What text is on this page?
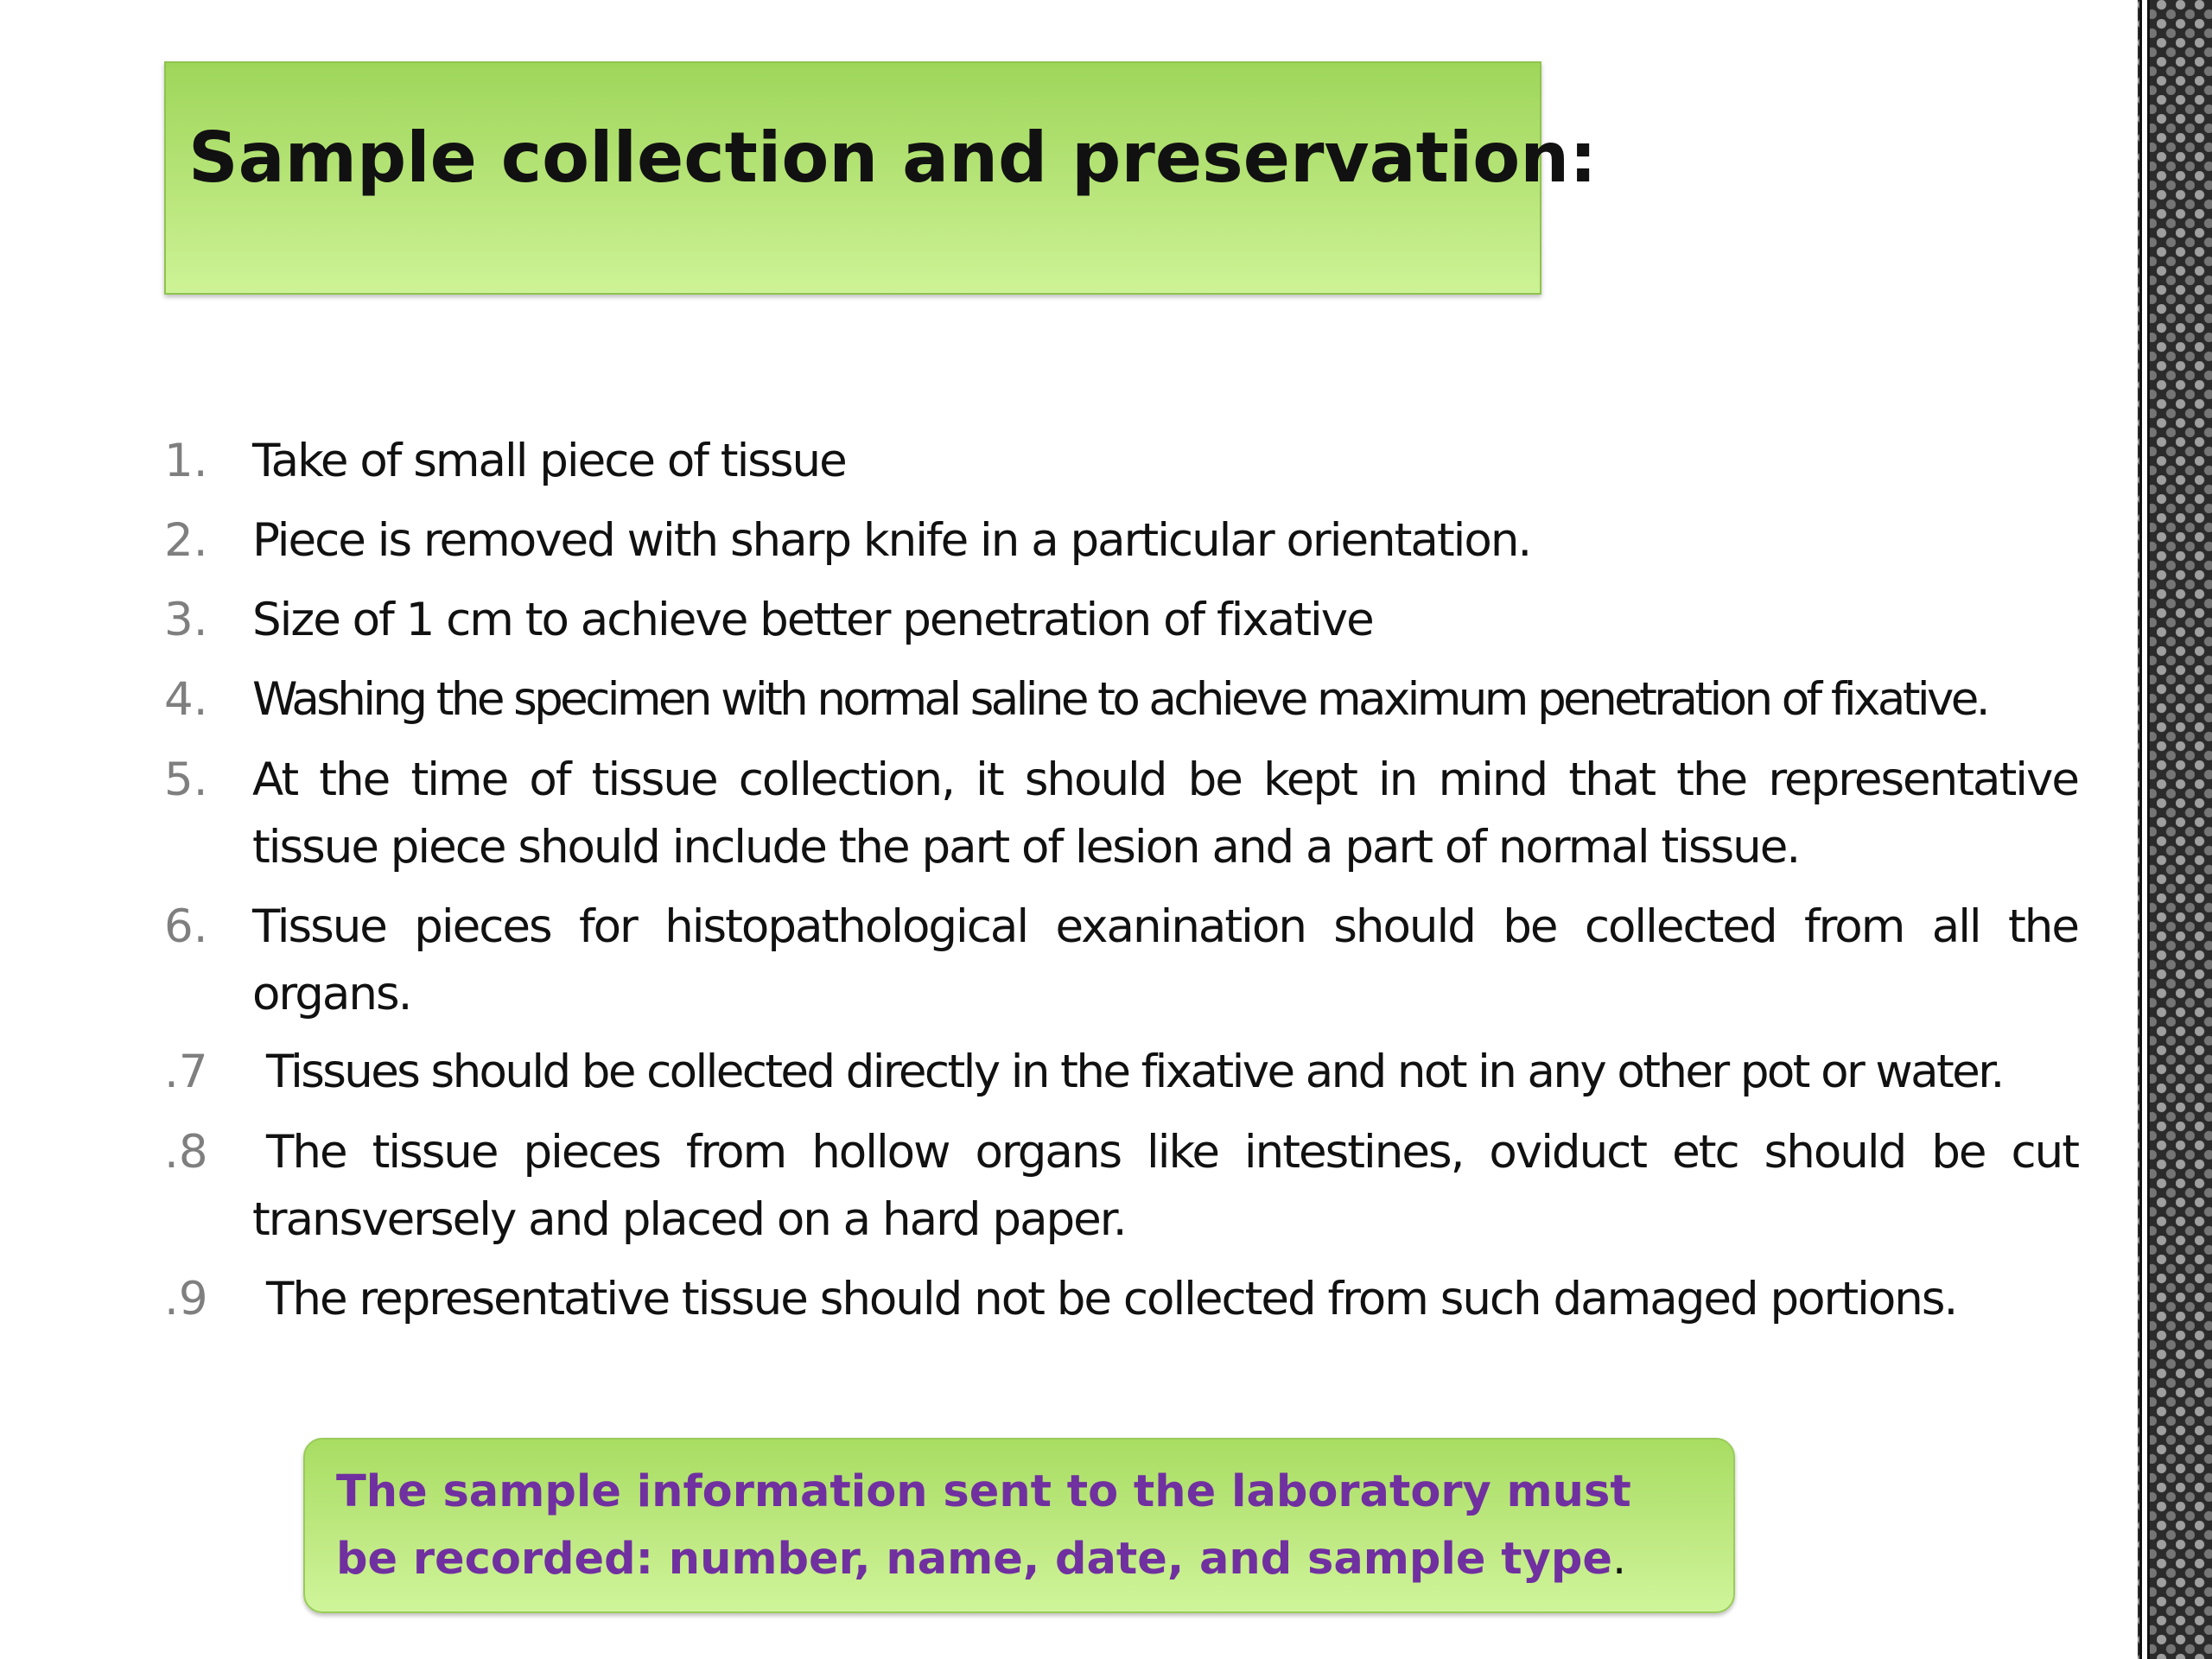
Sample collection and preservation:
1. Take of small piece of tissue

2. Piece is removed with sharp knife in a particular orientation.

3. Size of 1 cm to achieve better penetration of fixative

4. Washing the specimen with normal saline to achieve maximum penetration of fixative.

5. At the time of tissue collection, it should be kept in mind that the representative tissue piece should include the part of lesion and a part of normal tissue.

6. Tissue pieces for histopathological exanination should be collected from all the organs.

.7 Tissues should be collected directly in the fixative and not in any other pot or water.

.8	The tissue pieces from hollow organs like intestines, oviduct etc should be cut transversely and placed on a hard paper.

.9 The representative tissue should not be collected from such damaged portions.

The sample information sent to the laboratory must be recorded: number, name, date, and sample type.
